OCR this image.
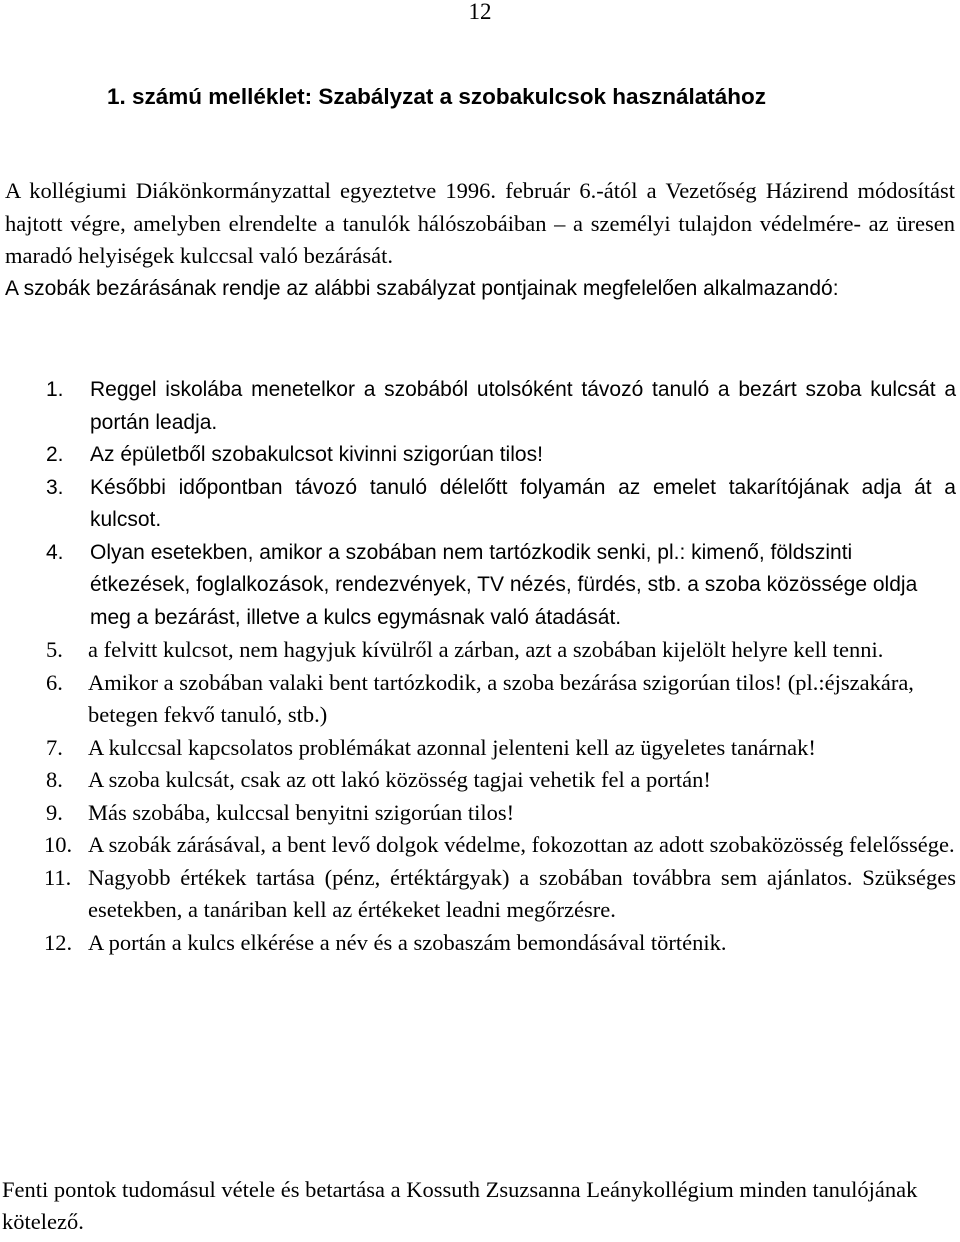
12
1. számú melléklet: Szabályzat a szobakulcsok használatához
A kollégiumi Diákönkormányzattal egyeztetve 1996. február 6.-ától a Vezetőség Házirend módosítást hajtott végre, amelyben elrendelte a tanulók hálószobáiban – a személyi tulajdon védelmére- az üresen maradó helyiségek kulccsal való bezárását.
A szobák bezárásának rendje az alábbi szabályzat pontjainak megfelelően alkalmazandó:
1. Reggel iskolába menetelkor a szobából utolsóként távozó tanuló a bezárt szoba kulcsát a portán leadja.
2. Az épületből szobakulcsot kivinni szigorúan tilos!
3. Későbbi időpontban távozó tanuló délelőtt folyamán az emelet takarítójának adja át a kulcsot.
4. Olyan esetekben, amikor a szobában nem tartózkodik senki, pl.: kimenő, földszinti étkezések, foglalkozások, rendezvények, TV nézés, fürdés, stb. a szoba közössége oldja meg a bezárást, illetve a kulcs egymásnak való átadását.
5. a felvitt kulcsot, nem hagyjuk kívülről a zárban, azt a szobában kijelölt helyre kell tenni.
6. Amikor a szobában valaki bent tartózkodik, a szoba bezárása szigorúan tilos! (pl.:éjszakára, betegen fekvő tanuló, stb.)
7. A kulccsal kapcsolatos problémákat azonnal jelenteni kell az ügyeletes tanárnak!
8. A szoba kulcsát, csak az ott lakó közösség tagjai vehetik fel a portán!
9. Más szobába, kulccsal benyitni szigorúan tilos!
10. A szobák zárásával, a bent levő dolgok védelme, fokozottan az adott szobaközösség felelőssége.
11. Nagyobb értékek tartása (pénz, értéktárgyak) a szobában továbbra sem ajánlatos. Szükséges esetekben, a tanáriban kell az értékeket leadni megőrzésre.
12. A portán a kulcs elkérése a név és a szobaszám bemondásával történik.
Fenti pontok tudomásul vétele és betartása a Kossuth Zsuzsanna Leánykollégium minden tanulójának kötelező.
